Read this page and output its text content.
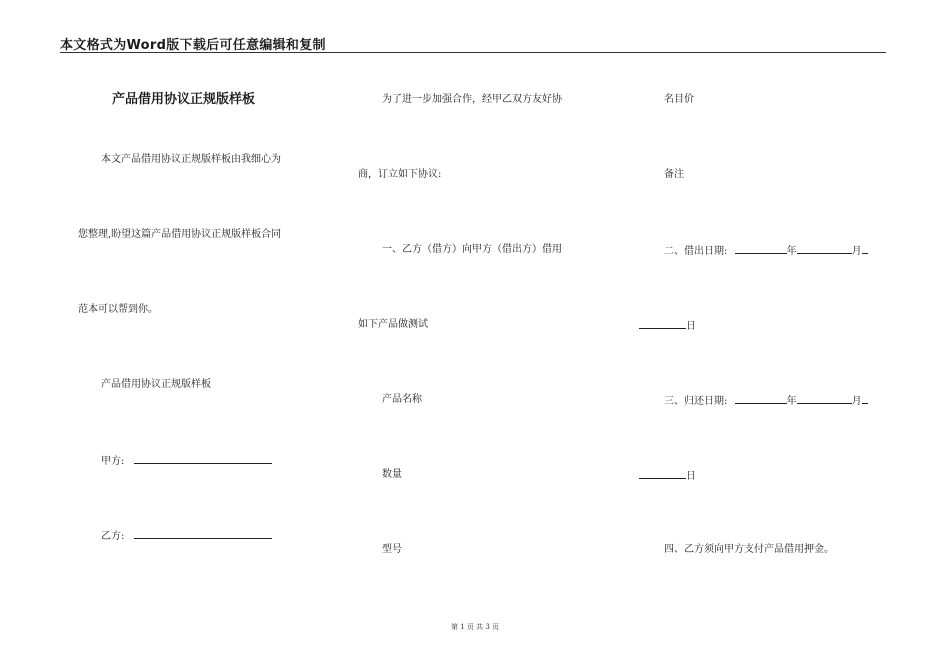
本文格式为Word版下载后可任意编辑和复制
产品借用协议正规版样板
本文产品借用协议正规版样板由我细心为
您整理,盼望这篇产品借用协议正规版样板合同
范本可以帮到你。
产品借用协议正规版样板
甲方:
乙方:
为了进一步加强合作，经甲乙双方友好协
商，订立如下协议:
一、乙方（借方）向甲方（借出方）借用
如下产品做测试
产品名称
数量
型号
名目价
备注
二、借出日期:	年	月
日
三、归还日期:	年	月
日
四、乙方须向甲方支付产品借用押金。
第 1 页 共 3 页
